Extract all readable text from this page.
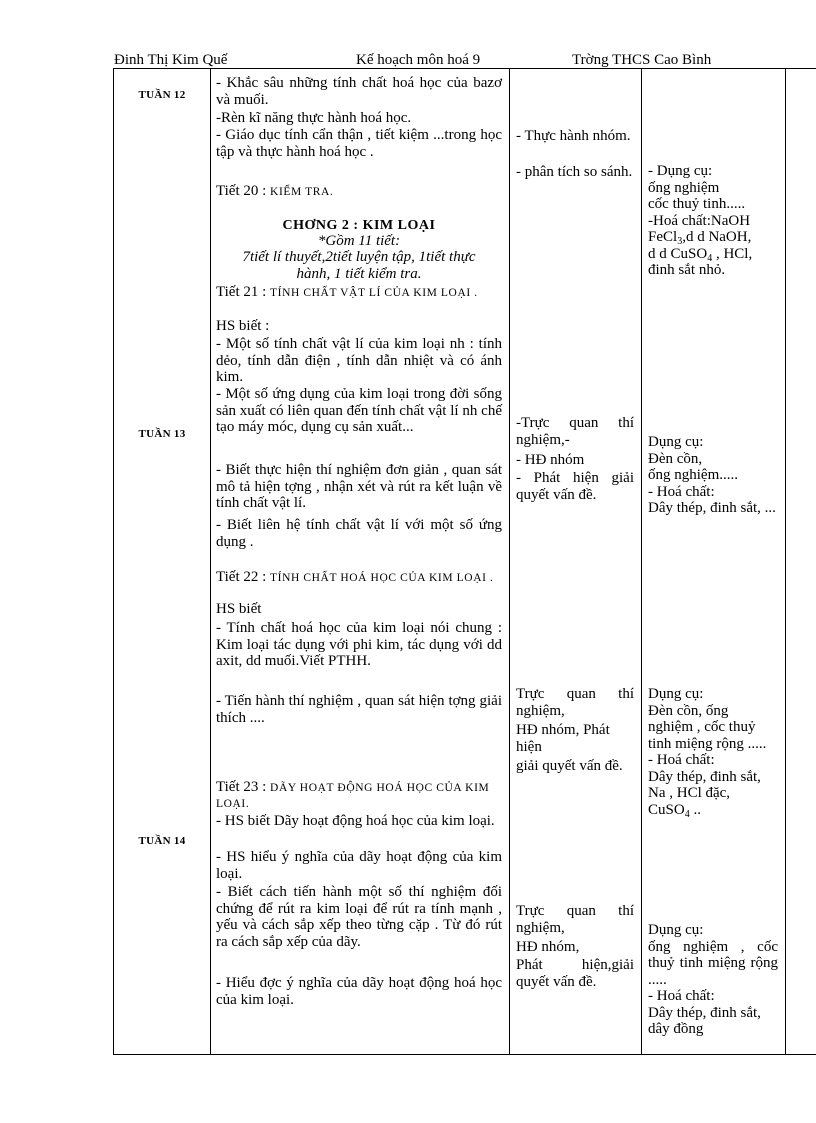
Đinh Thị Kim Quế	Kế hoạch môn hoá 9	Trờng THCS Cao Bình
TUẦN 12
TUẦN 13
TUẦN 14
- Khắc sâu những tính chất hoá học của bazơ và muối.
-Rèn kĩ năng thực hành hoá học.
- Giáo dục tính cẩn thận , tiết kiệm ...trong học tập và thực hành hoá học .
Tiết 20 : KIỂM TRA.
CHƠNG 2 : KIM LOẠI
*Gồm 11 tiết:
7tiết lí thuyết,2tiết luyện tập, 1tiết thực hành, 1 tiết kiểm tra.
Tiết 21 : TÍNH CHẤT VẬT LÍ CỦA KIM LOẠI .
HS biết :
- Một số tính chất vật lí của kim loại nh : tính dẻo, tính dẫn điện , tính dẫn nhiệt và có ánh kim.
- Một số ứng dụng của kim loại trong đời sống sản xuất có liên quan đến tính chất vật lí nh chế tạo máy móc, dụng cụ sản xuất...
- Biết thực hiện thí nghiệm đơn giản , quan sát mô tả hiện tợng , nhận xét và rút ra kết luận về tính chất vật lí.
- Biết liên hệ tính chất vật lí với một số ứng dụng .
Tiết 22 : TÍNH CHẤT HOÁ HỌC CỦA KIM LOẠI .
HS biết
- Tính chất hoá học của kim loại nói chung : Kim loại tác dụng với phi kim, tác dụng với dd axit, dd muối.Viết PTHH.
- Tiến hành thí nghiệm , quan sát hiện tợng giải thích ....
Tiết 23 : DÃY HOẠT ĐỘNG HOÁ HỌC CỦA KIM LOẠI.
- HS biết Dãy hoạt động hoá học của kim loại.
- HS hiểu ý nghĩa của dãy hoạt động của kim loại.
- Biết cách tiến hành một số thí nghiệm đối chứng để rút ra kim loại để rút ra tính mạnh , yếu và cách sắp xếp theo từng cặp . Từ đó rút ra cách sắp xếp của dãy.
- Hiểu đợc ý nghĩa của dãy hoạt động hoá học của kim loại.
- Thực hành nhóm.
- phân tích so sánh.
-Trực quan thí nghiệm,-
- HĐ nhóm
- Phát hiện giải quyết vấn đề.
Trực quan thí nghiệm,
HĐ nhóm, Phát hiện
giải quyết vấn đề.
Trực quan thí nghiệm,
HĐ nhóm,
Phát hiện,giải quyết vấn đề.
- Dụng cụ:
ống nghiệm
cốc thuỷ tinh.....
-Hoá chất:NaOH
FeCl$_3$,d d NaOH,
d d CuSO$_4$ , HCl,
đinh sắt nhỏ.
Dụng cụ:
Đèn cồn,
ống nghiệm.....
- Hoá chất:
Dây thép, đinh sắt, ...
Dụng cụ:
Đèn cồn, ống
nghiệm , cốc thuỷ
tinh miệng rộng .....
- Hoá chất:
Dây thép, đinh sắt,
Na , HCl đặc,
CuSO$_4$ ..
Dụng cụ:
ống nghiệm , cốc thuỷ tinh miệng rộng .....
- Hoá chất:
Dây thép, đinh sắt,
dây đồng
